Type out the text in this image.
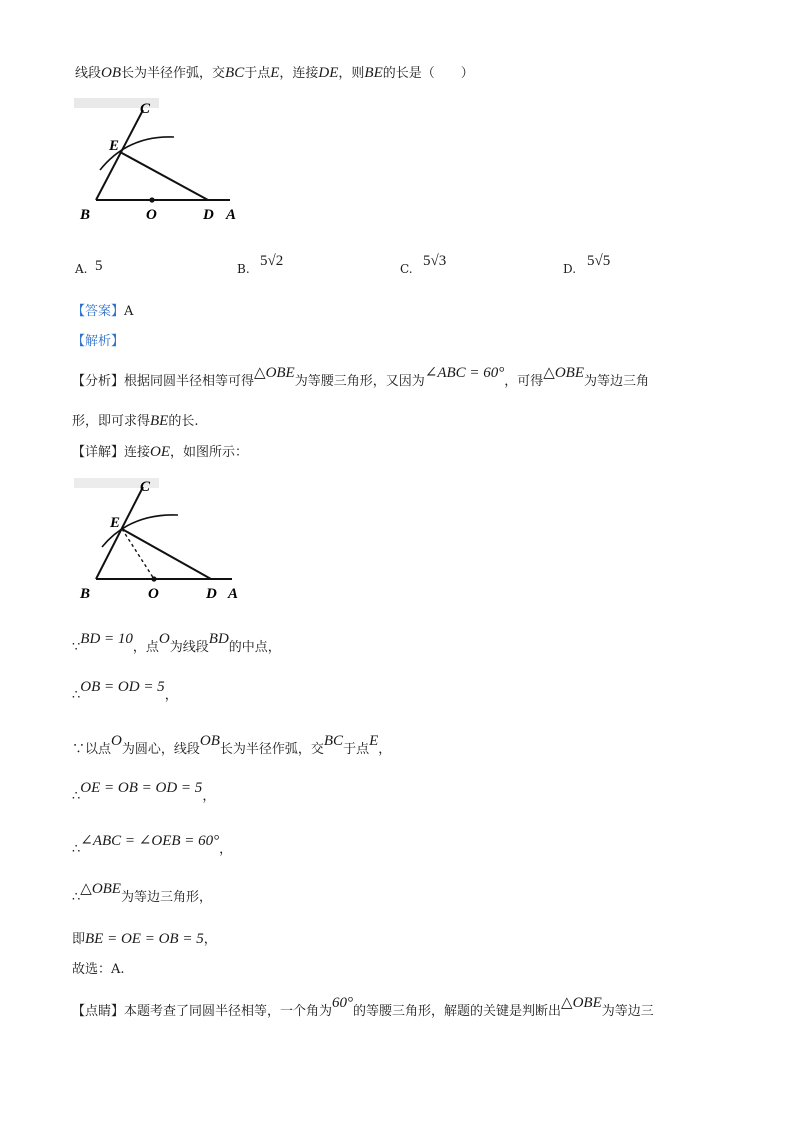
线段OB长为半径作弧，交BC于点E，连接DE，则BE的长是（　　）
C
E
B	O	D A
A. 5	B. 5√2	C. 5√3	D. 5√5
【答案】A
【解析】
【分析】根据同圆半径相等可得△OBE为等腰三角形，又因为∠ABC = 60°，可得△OBE为等边三角
形，即可求得BE的长.
【详解】连接OE，如图所示：
C
E
B	O	D A
∵BD = 10，点O为线段BD的中点，
∴OB = OD = 5，
∵以点O为圆心，线段OB长为半径作弧，交BC于点E，
∴OE = OB = OD = 5，
∴∠ABC = ∠OEB = 60°，
∴△OBE为等边三角形，
即BE = OE = OB = 5，
故选：A.
【点睛】本题考查了同圆半径相等，一个角为60°的等腰三角形，解题的关键是判断出△OBE为等边三
